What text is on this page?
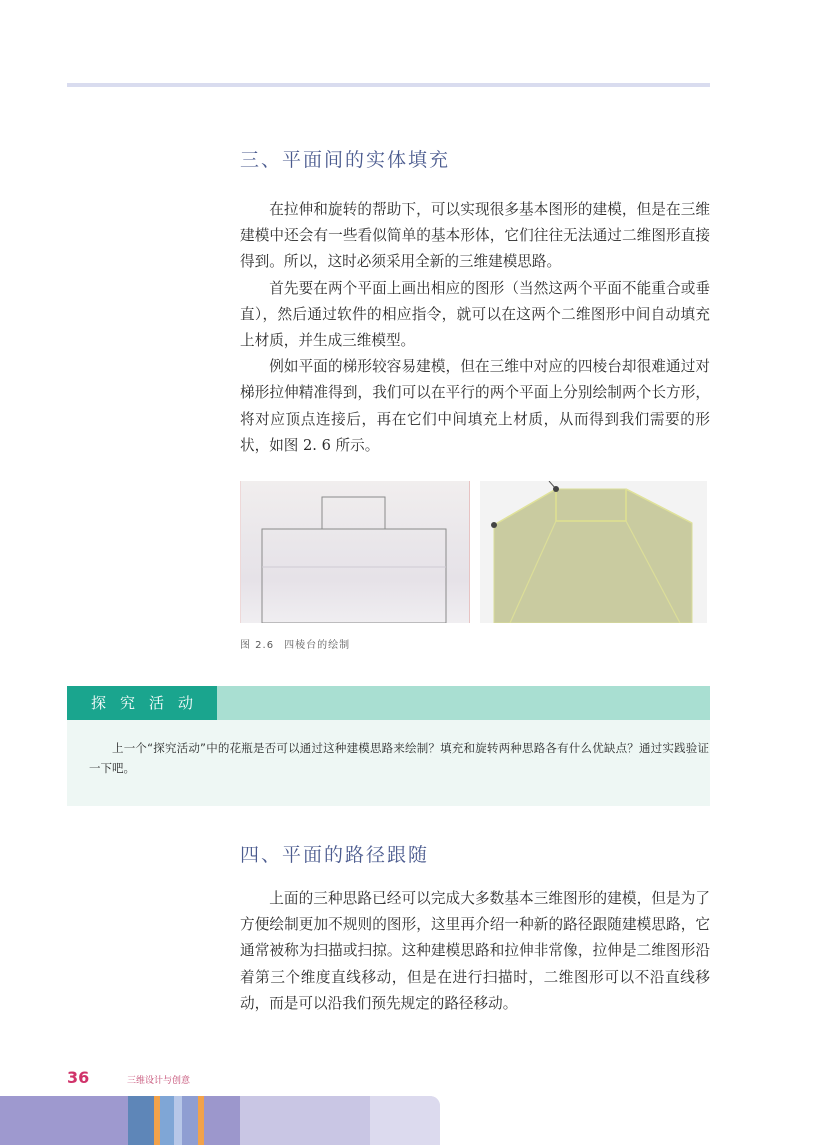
三、平面间的实体填充

在拉伸和旋转的帮助下，可以实现很多基本图形的建模，但是在三维建模中还会有一些看似简单的基本形体，它们往往无法通过二维图形直接得到。所以，这时必须采用全新的三维建模思路。

首先要在两个平面上画出相应的图形（当然这两个平面不能重合或垂直），然后通过软件的相应指令，就可以在这两个二维图形中间自动填充上材质，并生成三维模型。

例如平面的梯形较容易建模，但在三维中对应的四棱台却很难通过对梯形拉伸精准得到，我们可以在平行的两个平面上分别绘制两个长方形，将对应顶点连接后，再在它们中间填充上材质，从而得到我们需要的形状，如图 2. 6 所示。

图 2.6 四棱台的绘制
探究活动

上一个“探究活动”中的花瓶是否可以通过这种建模思路来绘制？填充和旋转两种思路各有什么优缺点？通过实践验证一下吧。

四、平面的路径跟随

上面的三种思路已经可以完成大多数基本三维图形的建模，但是为了方便绘制更加不规则的图形，这里再介绍一种新的路径跟随建模思路，它通常被称为扫描或扫掠。这种建模思路和拉伸非常像，拉伸是二维图形沿着第三个维度直线移动，但是在进行扫描时，二维图形可以不沿直线移动，而是可以沿我们预先规定的路径移动。

36	三维设计与创意
